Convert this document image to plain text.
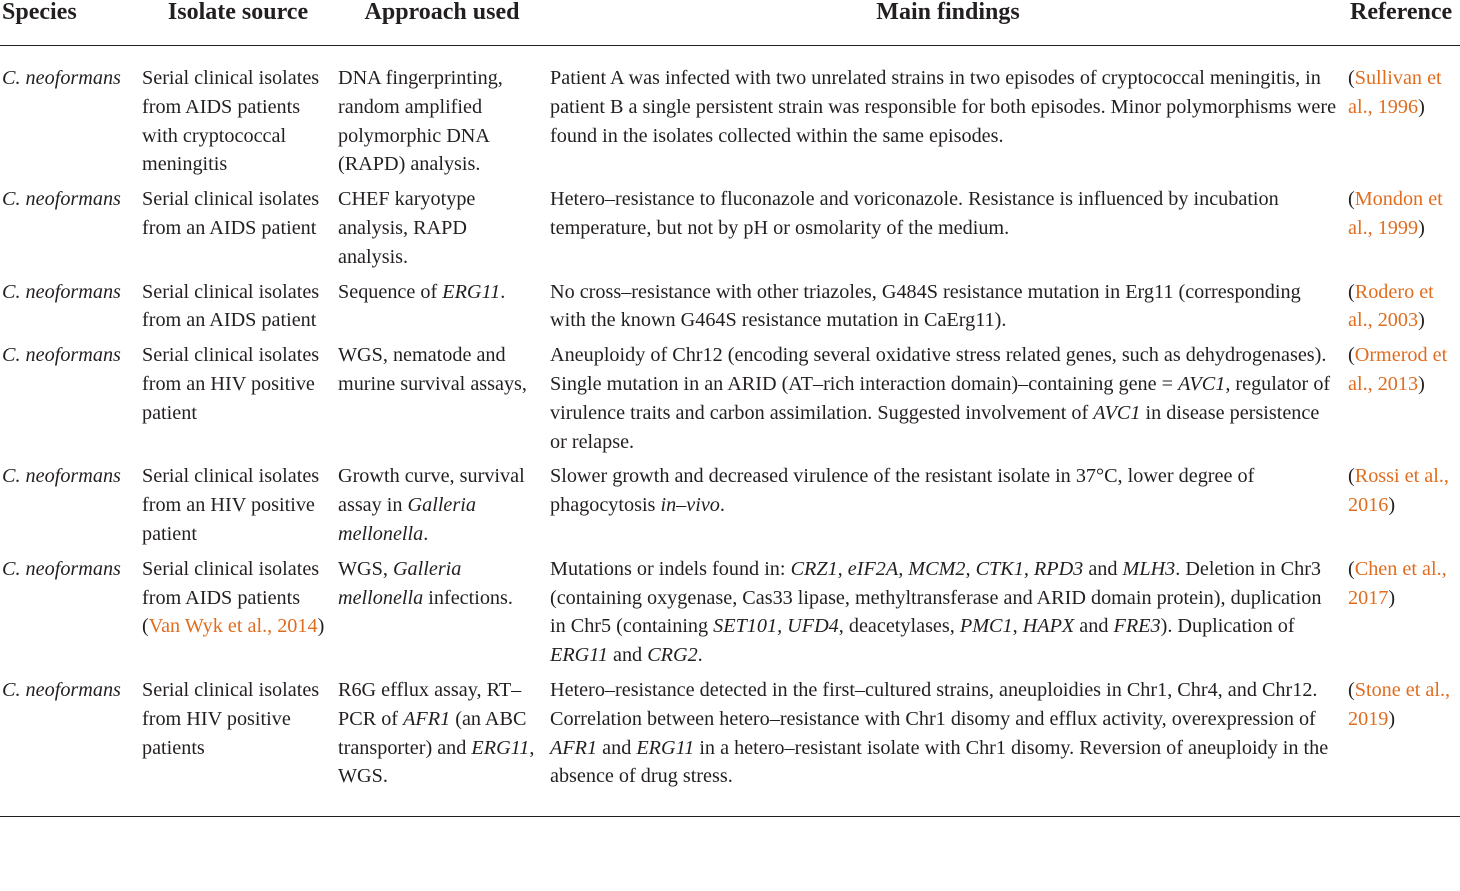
Species	Isolate source	Approach used	Main findings	Reference
C. neoformans	Serial clinical isolates from AIDS patients with cryptococcal meningitis	DNA fingerprinting, random amplified polymorphic DNA (RAPD) analysis.	Patient A was infected with two unrelated strains in two episodes of cryptococcal meningitis, in patient B a single persistent strain was responsible for both episodes. Minor polymorphisms were found in the isolates collected within the same episodes.	(Sullivan et al., 1996)
C. neoformans	Serial clinical isolates from an AIDS patient	CHEF karyotype analysis, RAPD analysis.	Hetero–resistance to fluconazole and voriconazole. Resistance is influenced by incubation temperature, but not by pH or osmolarity of the medium.	(Mondon et al., 1999)
C. neoformans	Serial clinical isolates from an AIDS patient	Sequence of ERG11.	No cross–resistance with other triazoles, G484S resistance mutation in Erg11 (corresponding with the known G464S resistance mutation in CaErg11).	(Rodero et al., 2003)
C. neoformans	Serial clinical isolates from an HIV positive patient	WGS, nematode and murine survival assays,	Aneuploidy of Chr12 (encoding several oxidative stress related genes, such as dehydrogenases). Single mutation in an ARID (AT–rich interaction domain)–containing gene = AVC1, regulator of virulence traits and carbon assimilation. Suggested involvement of AVC1 in disease persistence or relapse.	(Ormerod et al., 2013)
C. neoformans	Serial clinical isolates from an HIV positive patient	Growth curve, survival assay in Galleria mellonella.	Slower growth and decreased virulence of the resistant isolate in 37°C, lower degree of phagocytosis in–vivo.	(Rossi et al., 2016)
C. neoformans	Serial clinical isolates from AIDS patients (Van Wyk et al., 2014)	WGS, Galleria mellonella infections.	Mutations or indels found in: CRZ1, eIF2A, MCM2, CTK1, RPD3 and MLH3. Deletion in Chr3 (containing oxygenase, Cas33 lipase, methyltransferase and ARID domain protein), duplication in Chr5 (containing SET101, UFD4, deacetylases, PMC1, HAPX and FRE3). Duplication of ERG11 and CRG2.	(Chen et al., 2017)
C. neoformans	Serial clinical isolates from HIV positive patients	R6G efflux assay, RT–PCR of AFR1 (an ABC transporter) and ERG11, WGS.	Hetero–resistance detected in the first–cultured strains, aneuploidies in Chr1, Chr4, and Chr12. Correlation between hetero–resistance with Chr1 disomy and efflux activity, overexpression of AFR1 and ERG11 in a hetero–resistant isolate with Chr1 disomy. Reversion of aneuploidy in the absence of drug stress.	(Stone et al., 2019)
